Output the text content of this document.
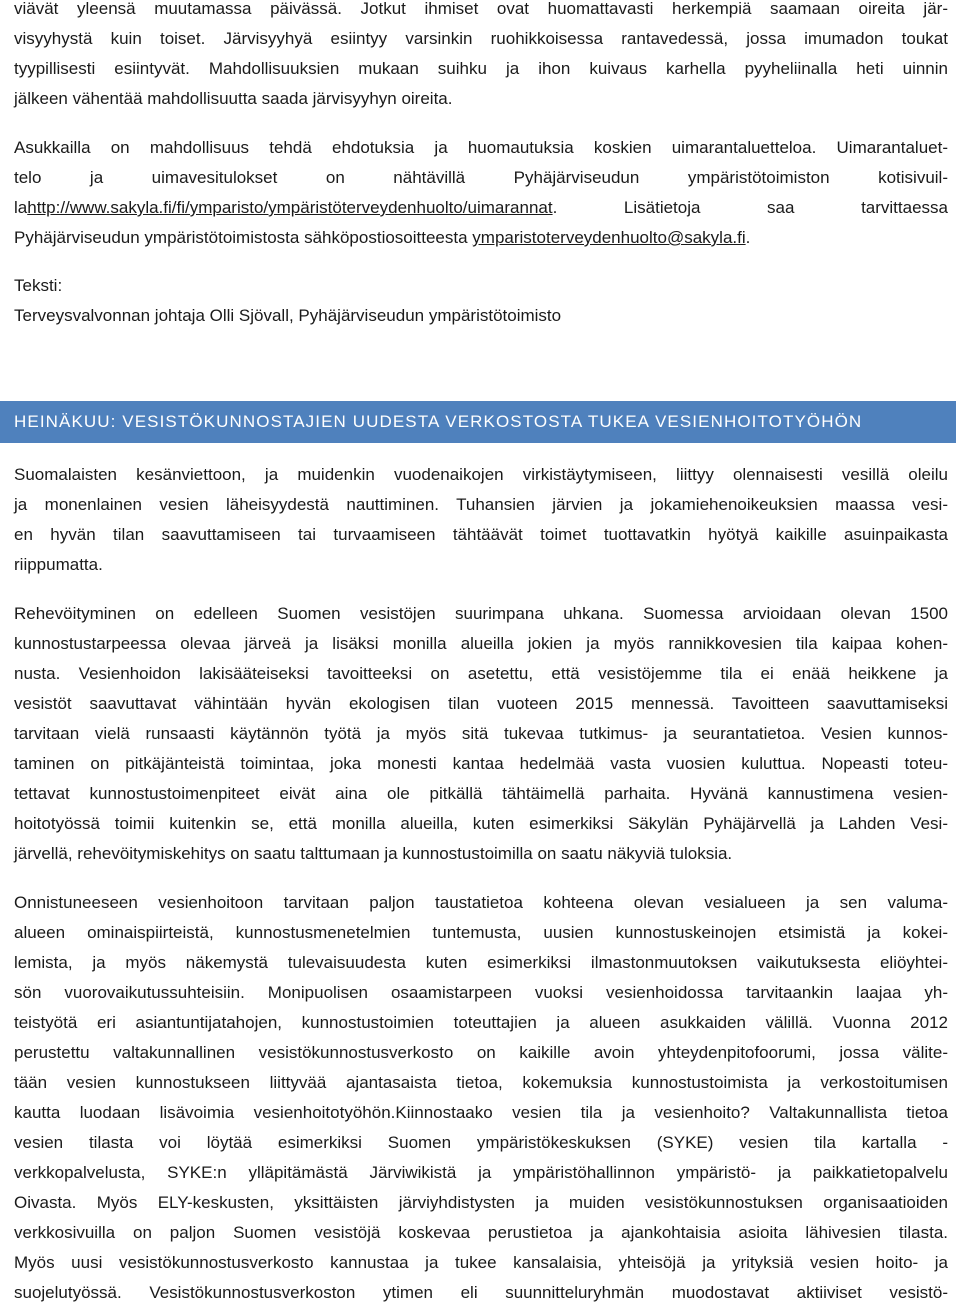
viävät yleensä muutamassa päivässä. Jotkut ihmiset ovat huomattavasti herkempiä saamaan oireita jär-
visyyhystä kuin toiset. Järvisyyhyä esiintyy varsinkin ruohikkoisessa rantavedessä, jossa imumadon toukat
tyypillisesti esiintyvät. Mahdollisuuksien mukaan suihku ja ihon kuivaus karhella pyyheliinalla heti uinnin
jälkeen vähentää mahdollisuutta saada järvisyyhyn oireita.
Asukkailla on mahdollisuus tehdä ehdotuksia ja huomautuksia koskien uimarantaluetteloa. Uimarantaluet-
telo ja uimavesitulokset on nähtävillä Pyhäjärviseudun ympäristötoimiston kotisivuil-
lahttp://www.sakyla.fi/fi/ymparisto/ympäristöterveydenhuolto/uimarannat. Lisätietoja saa tarvittaessa
Pyhäjärviseudun ympäristötoimistosta sähköpostiosoitteesta ymparistoterveydenhuolto@sakyla.fi.
Teksti:
Terveysvalvonnan johtaja Olli Sjövall, Pyhäjärviseudun ympäristötoimisto
HEINÄKUU: VESISTÖKUNNOSTAJIEN UUDESTA VERKOSTOSTA TUKEA VESIENHOITOTYÖHÖN
Suomalaisten kesänviettoon, ja muidenkin vuodenaikojen virkistäytymiseen, liittyy olennaisesti vesillä oleilu
ja monenlainen vesien läheisyydestä nauttiminen. Tuhansien järvien ja jokamiehenoikeuksien maassa vesi-
en hyvän tilan saavuttamiseen tai turvaamiseen tähtäävät toimet tuottavatkin hyötyä kaikille asuinpaikasta
riippumatta.
Rehevöityminen on edelleen Suomen vesistöjen suurimpana uhkana. Suomessa arvioidaan olevan 1500
kunnostustarpeessa olevaa järveä ja lisäksi monilla alueilla jokien ja myös rannikkovesien tila kaipaa kohen-
nusta. Vesienhoidon lakisääteiseksi tavoitteeksi on asetettu, että vesistöjemme tila ei enää heikkene ja
vesistöt saavuttavat vähintään hyvän ekologisen tilan vuoteen 2015 mennessä. Tavoitteen saavuttamiseksi
tarvitaan vielä runsaasti käytännön työtä ja myös sitä tukevaa tutkimus- ja seurantatietoa. Vesien kunnos-
taminen on pitkäjänteistä toimintaa, joka monesti kantaa hedelmää vasta vuosien kuluttua. Nopeasti toteu-
tettavat kunnostustoimenpiteet eivät aina ole pitkällä tähtäimellä parhaita. Hyvänä kannustimena vesien-
hoitotyössä toimii kuitenkin se, että monilla alueilla, kuten esimerkiksi Säkylän Pyhäjärvellä ja Lahden Vesi-
järvellä, rehevöitymiskehitys on saatu talttumaan ja kunnostustoimilla on saatu näkyviä tuloksia.
Onnistuneeseen vesienhoitoon tarvitaan paljon taustatietoa kohteena olevan vesialueen ja sen valuma-
alueen ominaispiirteistä, kunnostusmenetelmien tuntemusta, uusien kunnostuskeinojen etsimistä ja kokei-
lemista, ja myös näkemystä tulevaisuudesta kuten esimerkiksi ilmastonmuutoksen vaikutuksesta eliöyhtei-
sön vuorovaikutussuhteisiin. Monipuolisen osaamistarpeen vuoksi vesienhoidossa tarvitaankin laajaa yh-
teistyötä eri asiantuntijatahojen, kunnostustoimien toteuttajien ja alueen asukkaiden välillä. Vuonna 2012
perustettu valtakunnallinen vesistökunnostusverkosto on kaikille avoin yhteydenpitofoorumi, jossa välite-
tään vesien kunnostukseen liittyvää ajantasaista tietoa, kokemuksia kunnostustoimista ja verkostoitumisen
kautta luodaan lisävoimia vesienhoitotyöhön.Kiinnostaako vesien tila ja vesienhoito? Valtakunnallista tietoa
vesien tilasta voi löytää esimerkiksi Suomen ympäristökeskuksen (SYKE) vesien tila kartalla -
verkkopalvelusta, SYKE:n ylläpitämästä Järviwikistä ja ympäristöhallinnon ympäristö- ja paikkatietopalvelu
Oivasta. Myös ELY-keskusten, yksittäisten järviyhdistysten ja muiden vesistökunnostuksen organisaatioiden
verkkosivuilla on paljon Suomen vesistöjä koskevaa perustietoa ja ajankohtaisia asioita lähivesien tilasta.
Myös uusi vesistökunnostusverkosto kannustaa ja tukee kansalaisia, yhteisöjä ja yrityksiä vesien hoito- ja
suojelutyössä. Vesistökunnostusverkoston ytimen eli suunnitteluryhmän muodostavat aktiiviset vesistö-
